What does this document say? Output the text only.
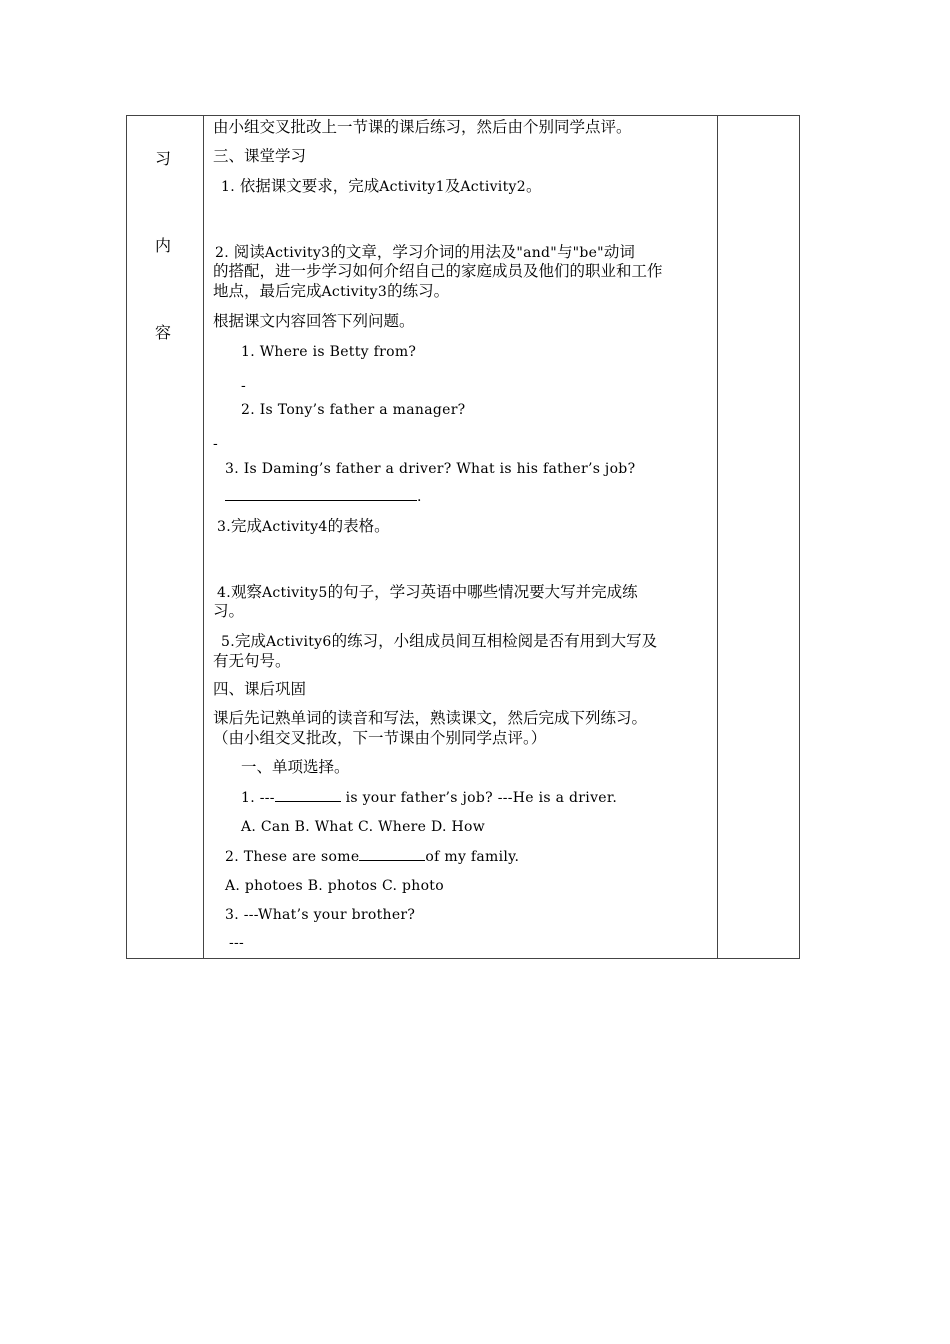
习
内
容
由小组交叉批改上一节课的课后练习，然后由个别同学点评。
三、课堂学习
1. 依据课文要求，完成Activity1及Activity2。
2. 阅读Activity3的文章，学习介词的用法及"and"与"be"动词
的搭配，进一步学习如何介绍自己的家庭成员及他们的职业和工作
地点，最后完成Activity3的练习。
根据课文内容回答下列问题。
1. Where is Betty from?
-
2. Is Tony’s father a manager?
-
3. Is Daming’s father a driver? What is his father’s job?
.
3.完成Activity4的表格。
4.观察Activity5的句子，学习英语中哪些情况要大写并完成练
习。
5.完成Activity6的练习，小组成员间互相检阅是否有用到大写及
有无句号。
四、课后巩固
课后先记熟单词的读音和写法，熟读课文，然后完成下列练习。
（由小组交叉批改，下一节课由个别同学点评。）
一、单项选择。
1. ---	is your father’s job? ---He is a driver.
A. Can B. What C. Where D. How
2. These are some	of my family.
A. photoes B. photos C. photo
3. ---What’s your brother?
---
